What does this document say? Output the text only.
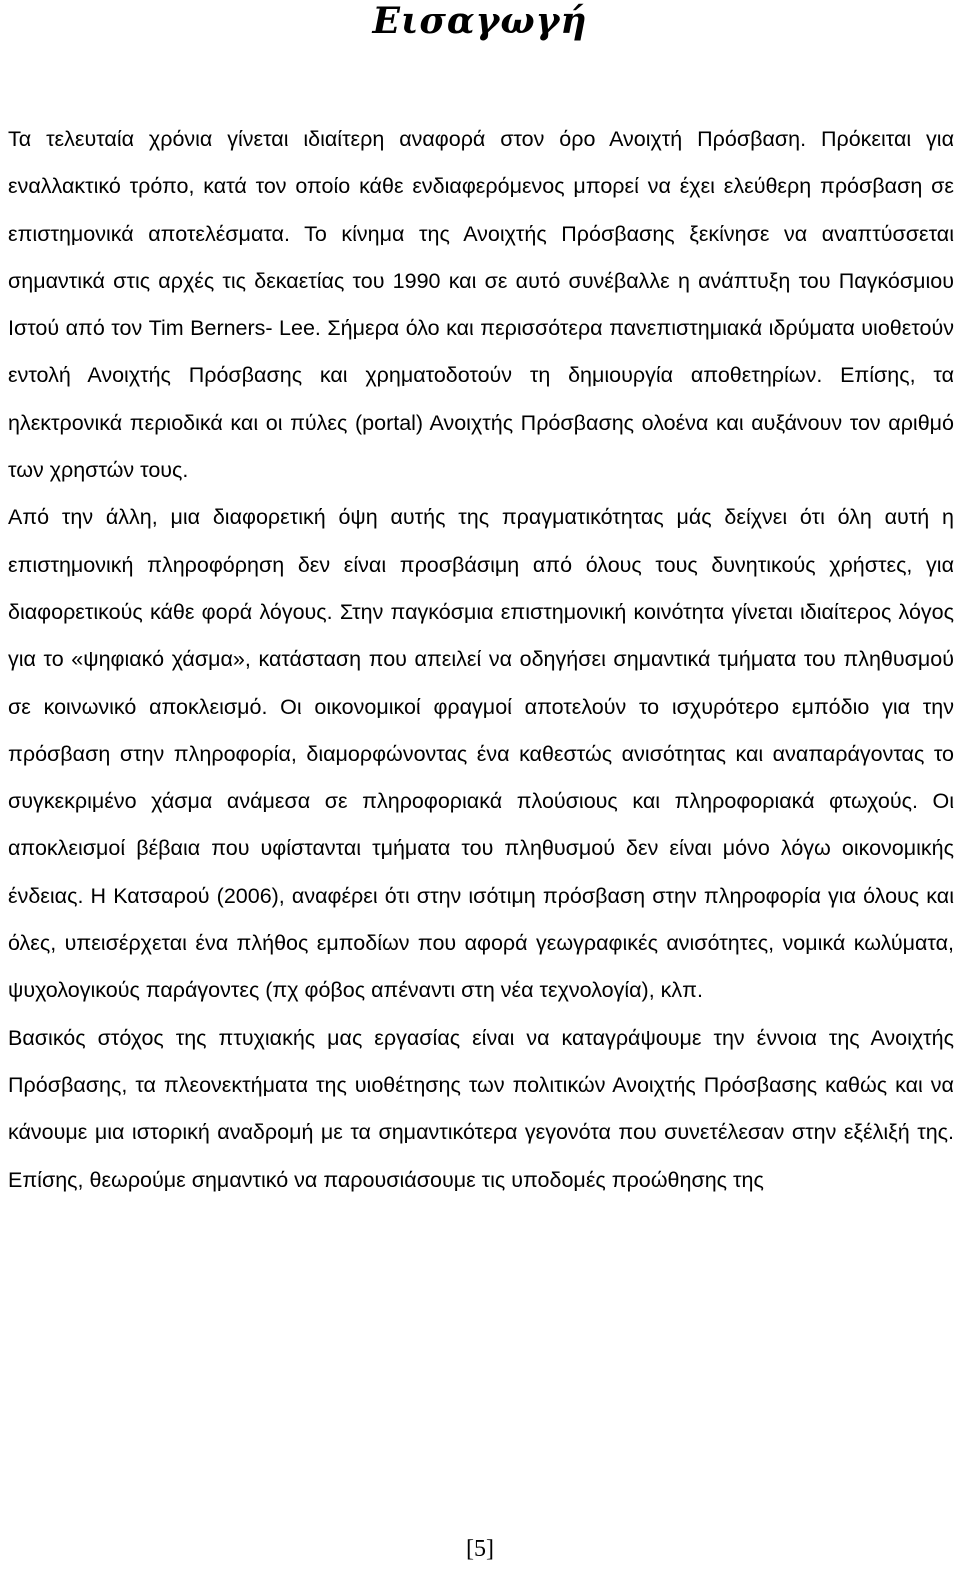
Εισαγωγή

Τα τελευταία χρόνια γίνεται ιδιαίτερη αναφορά στον όρο Ανοιχτή Πρόσβαση. Πρόκειται για εναλλακτικό τρόπο, κατά τον οποίο κάθε ενδιαφερόμενος μπορεί να έχει ελεύθερη πρόσβαση σε επιστημονικά αποτελέσματα. Το κίνημα της Ανοιχτής Πρόσβασης ξεκίνησε να αναπτύσσεται σημαντικά στις αρχές τις δεκαετίας του 1990 και σε αυτό συνέβαλλε η ανάπτυξη του Παγκόσμιου Ιστού από τον Tim Berners- Lee. Σήμερα όλο και περισσότερα πανεπιστημιακά ιδρύματα υιοθετούν εντολή Ανοιχτής Πρόσβασης και χρηματοδοτούν τη δημιουργία αποθετηρίων. Επίσης, τα ηλεκτρονικά περιοδικά και οι πύλες (portal) Ανοιχτής Πρόσβασης ολοένα και αυξάνουν τον αριθμό των χρηστών τους.

Από την άλλη, μια διαφορετική όψη αυτής της πραγματικότητας μάς δείχνει ότι όλη αυτή η επιστημονική πληροφόρηση δεν είναι προσβάσιμη από όλους τους δυνητικούς χρήστες, για διαφορετικούς κάθε φορά λόγους. Στην παγκόσμια επιστημονική κοινότητα γίνεται ιδιαίτερος λόγος για το «ψηφιακό χάσμα», κατάσταση που απειλεί να οδηγήσει σημαντικά τμήματα του πληθυσμού σε κοινωνικό αποκλεισμό. Οι οικονομικοί φραγμοί αποτελούν το ισχυρότερο εμπόδιο για την πρόσβαση στην πληροφορία, διαμορφώνοντας ένα καθεστώς ανισότητας και αναπαράγοντας το συγκεκριμένο χάσμα ανάμεσα σε πληροφοριακά πλούσιους και πληροφοριακά φτωχούς. Οι αποκλεισμοί βέβαια που υφίστανται τμήματα του πληθυσμού δεν είναι μόνο λόγω οικονομικής ένδειας. Η Κατσαρού (2006), αναφέρει ότι στην ισότιμη πρόσβαση στην πληροφορία για όλους και όλες, υπεισέρχεται ένα πλήθος εμποδίων που αφορά γεωγραφικές ανισότητες, νομικά κωλύματα, ψυχολογικούς παράγοντες (πχ φόβος απέναντι στη νέα τεχνολογία), κλπ.

Βασικός στόχος της πτυχιακής μας εργασίας είναι να καταγράψουμε την έννοια της Ανοιχτής Πρόσβασης, τα πλεονεκτήματα της υιοθέτησης των πολιτικών Ανοιχτής Πρόσβασης καθώς και να κάνουμε μια ιστορική αναδρομή με τα σημαντικότερα γεγονότα που συνετέλεσαν στην εξέλιξή της. Επίσης, θεωρούμε σημαντικό να παρουσιάσουμε τις υποδομές προώθησης της

[5]
